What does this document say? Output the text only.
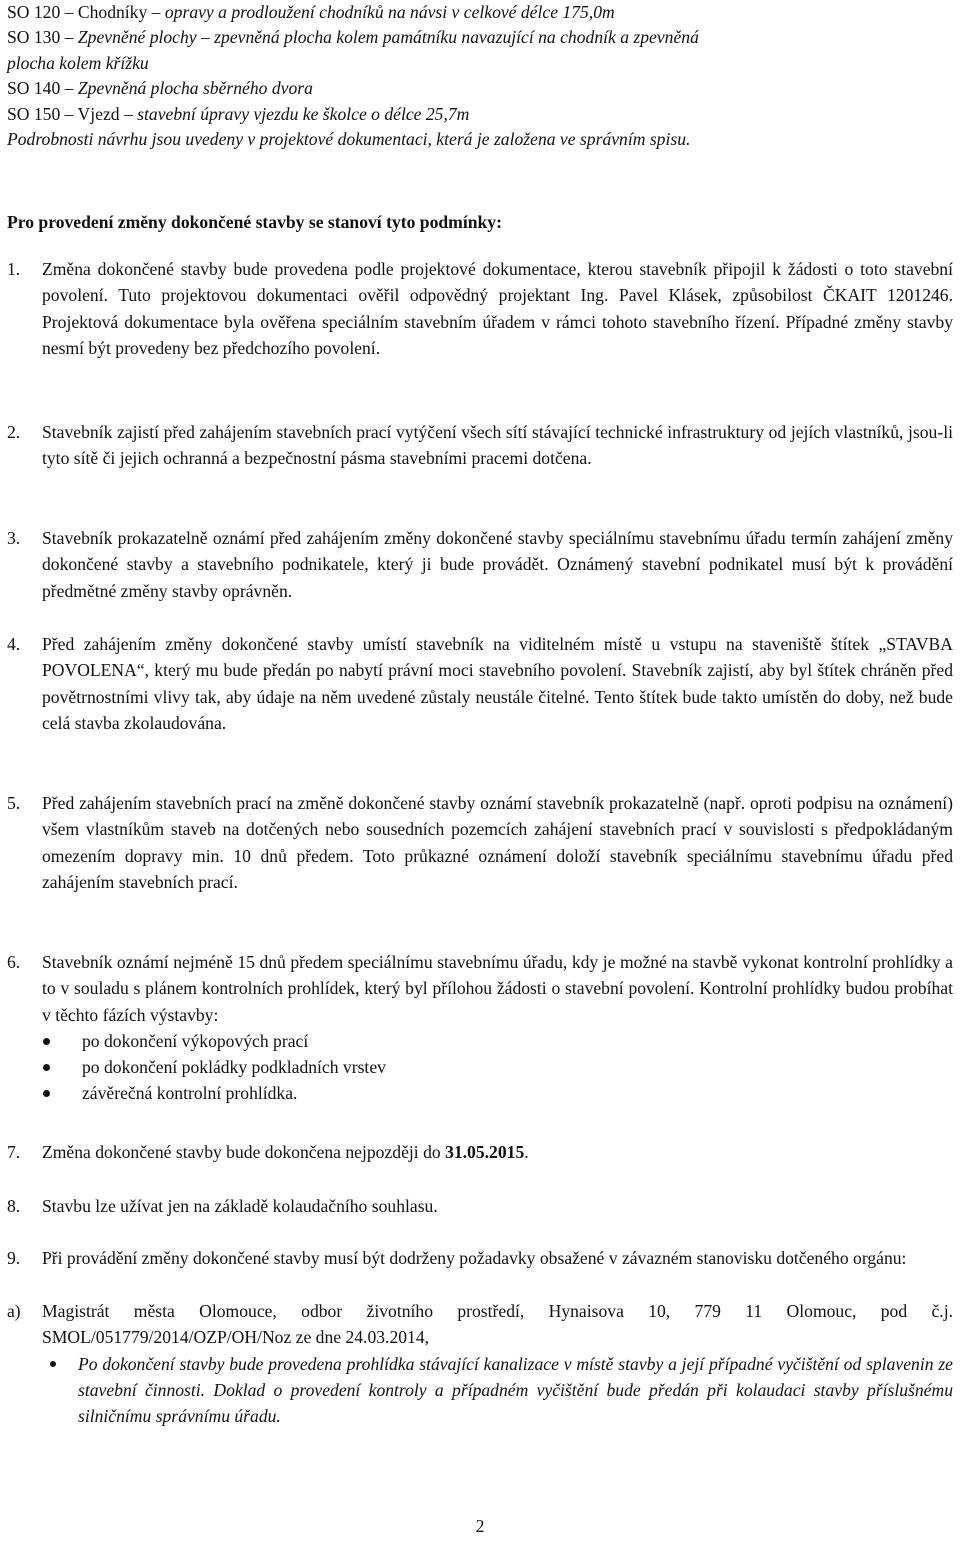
SO 120 – Chodníky – opravy a prodloužení chodníků na návsi v celkové délce 175,0m

SO 130 – Zpevněné plochy – zpevněná plocha kolem památníku navazující na chodník a zpevněná

plocha kolem křížku

SO 140 – Zpevněná plocha sběrného dvora

SO 150 – Vjezd – stavební úpravy vjezdu ke školce o délce 25,7m

Podrobnosti návrhu jsou uvedeny v projektové dokumentaci, která je založena ve správním spisu.

Pro provedení změny dokončené stavby se stanoví tyto podmínky:
1. Změna dokončené stavby bude provedena podle projektové dokumentace, kterou stavebník připojil k žádosti o toto stavební povolení. Tuto projektovou dokumentaci ověřil odpovědný projektant Ing. Pavel Klásek, způsobilost ČKAIT 1201246. Projektová dokumentace byla ověřena speciálním stavebním úřadem v rámci tohoto stavebního řízení. Případné změny stavby nesmí být provedeny bez předchozího povolení.
2. Stavebník zajistí před zahájením stavebních prací vytýčení všech sítí stávající technické infrastruktury od jejích vlastníků, jsou-li tyto sítě či jejich ochranná a bezpečnostní pásma stavebními pracemi dotčena.
3. Stavebník prokazatelně oznámí před zahájením změny dokončené stavby speciálnímu stavebnímu úřadu termín zahájení změny dokončené stavby a stavebního podnikatele, který ji bude provádět. Oznámený stavební podnikatel musí být k provádění předmětné změny stavby oprávněn.
4. Před zahájením změny dokončené stavby umístí stavebník na viditelném místě u vstupu na staveniště štítek „STAVBA POVOLENA“, který mu bude předán po nabytí právní moci stavebního povolení. Stavebník zajistí, aby byl štítek chráněn před povětrnostními vlivy tak, aby údaje na něm uvedené zůstaly neustále čitelné. Tento štítek bude takto umístěn do doby, než bude celá stavba zkolaudována.
5. Před zahájením stavebních prací na změně dokončené stavby oznámí stavebník prokazatelně (např. oproti podpisu na oznámení) všem vlastníkům staveb na dotčených nebo sousedních pozemcích zahájení stavebních prací v souvislosti s předpokládaným omezením dopravy min. 10 dnů předem. Toto průkazné oznámení doloží stavebník speciálnímu stavebnímu úřadu před zahájením stavebních prací.
6. Stavebník oznámí nejméně 15 dnů předem speciálnímu stavebnímu úřadu, kdy je možné na stavbě vykonat kontrolní prohlídky a to v souladu s plánem kontrolních prohlídek, který byl přílohou žádosti o stavební povolení. Kontrolní prohlídky budou probíhat v těchto fázích výstavby:
po dokončení výkopových prací
po dokončení pokládky podkladních vrstev
závěrečná kontrolní prohlídka.
7. Změna dokončené stavby bude dokončena nejpozději do 31.05.2015.
8. Stavbu lze užívat jen na základě kolaudačního souhlasu.
9. Při provádění změny dokončené stavby musí být dodrženy požadavky obsažené v závazném stanovisku dotčeného orgánu:
a) Magistrát města Olomouce, odbor životního prostředí, Hynaisova 10, 779 11 Olomouc, pod č.j. SMOL/051779/2014/OZP/OH/Noz ze dne 24.03.2014,
Po dokončení stavby bude provedena prohlídka stávající kanalizace v místě stavby a její případné vyčištění od splavenin ze stavební činnosti. Doklad o provedení kontroly a případném vyčištění bude předán při kolaudaci stavby příslušnému silničnímu správnímu úřadu.
2
